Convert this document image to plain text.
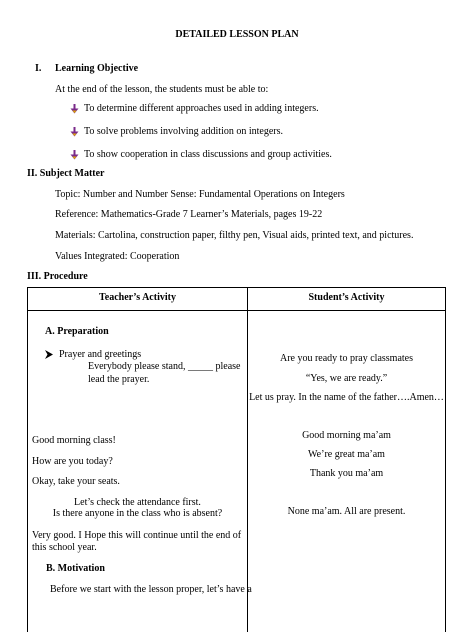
DETAILED LESSON PLAN
I. Learning Objective
At the end of the lesson, the students must be able to:
To determine different approaches used in adding integers.
To solve problems involving addition on integers.
To show cooperation in class discussions and group activities.
II. Subject Matter
Topic: Number and Number Sense: Fundamental Operations on Integers
Reference: Mathematics-Grade 7 Learner’s Materials, pages 19-22
Materials: Cartolina, construction paper, filthy pen, Visual aids, printed text, and pictures.
Values Integrated: Cooperation
III. Procedure
Teacher’s Activity	Student’s Activity
A. Preparation
Prayer and greetings
Everybody please stand, _____ please
lead the prayer.
Good morning class!
How are you today?
Okay, take your seats.
Let’s check the attendance first.
Is there anyone in the class who is absent?
Very good. I Hope this will continue until the end of
this school year.
B. Motivation
Before we start with the lesson proper, let’s have a
Are you ready to pray classmates
“Yes, we are ready.”
Let us pray. In the name of the father….Amen…
Good morning ma’am
We’re great ma’am
Thank you ma’am
None ma’am. All are present.
